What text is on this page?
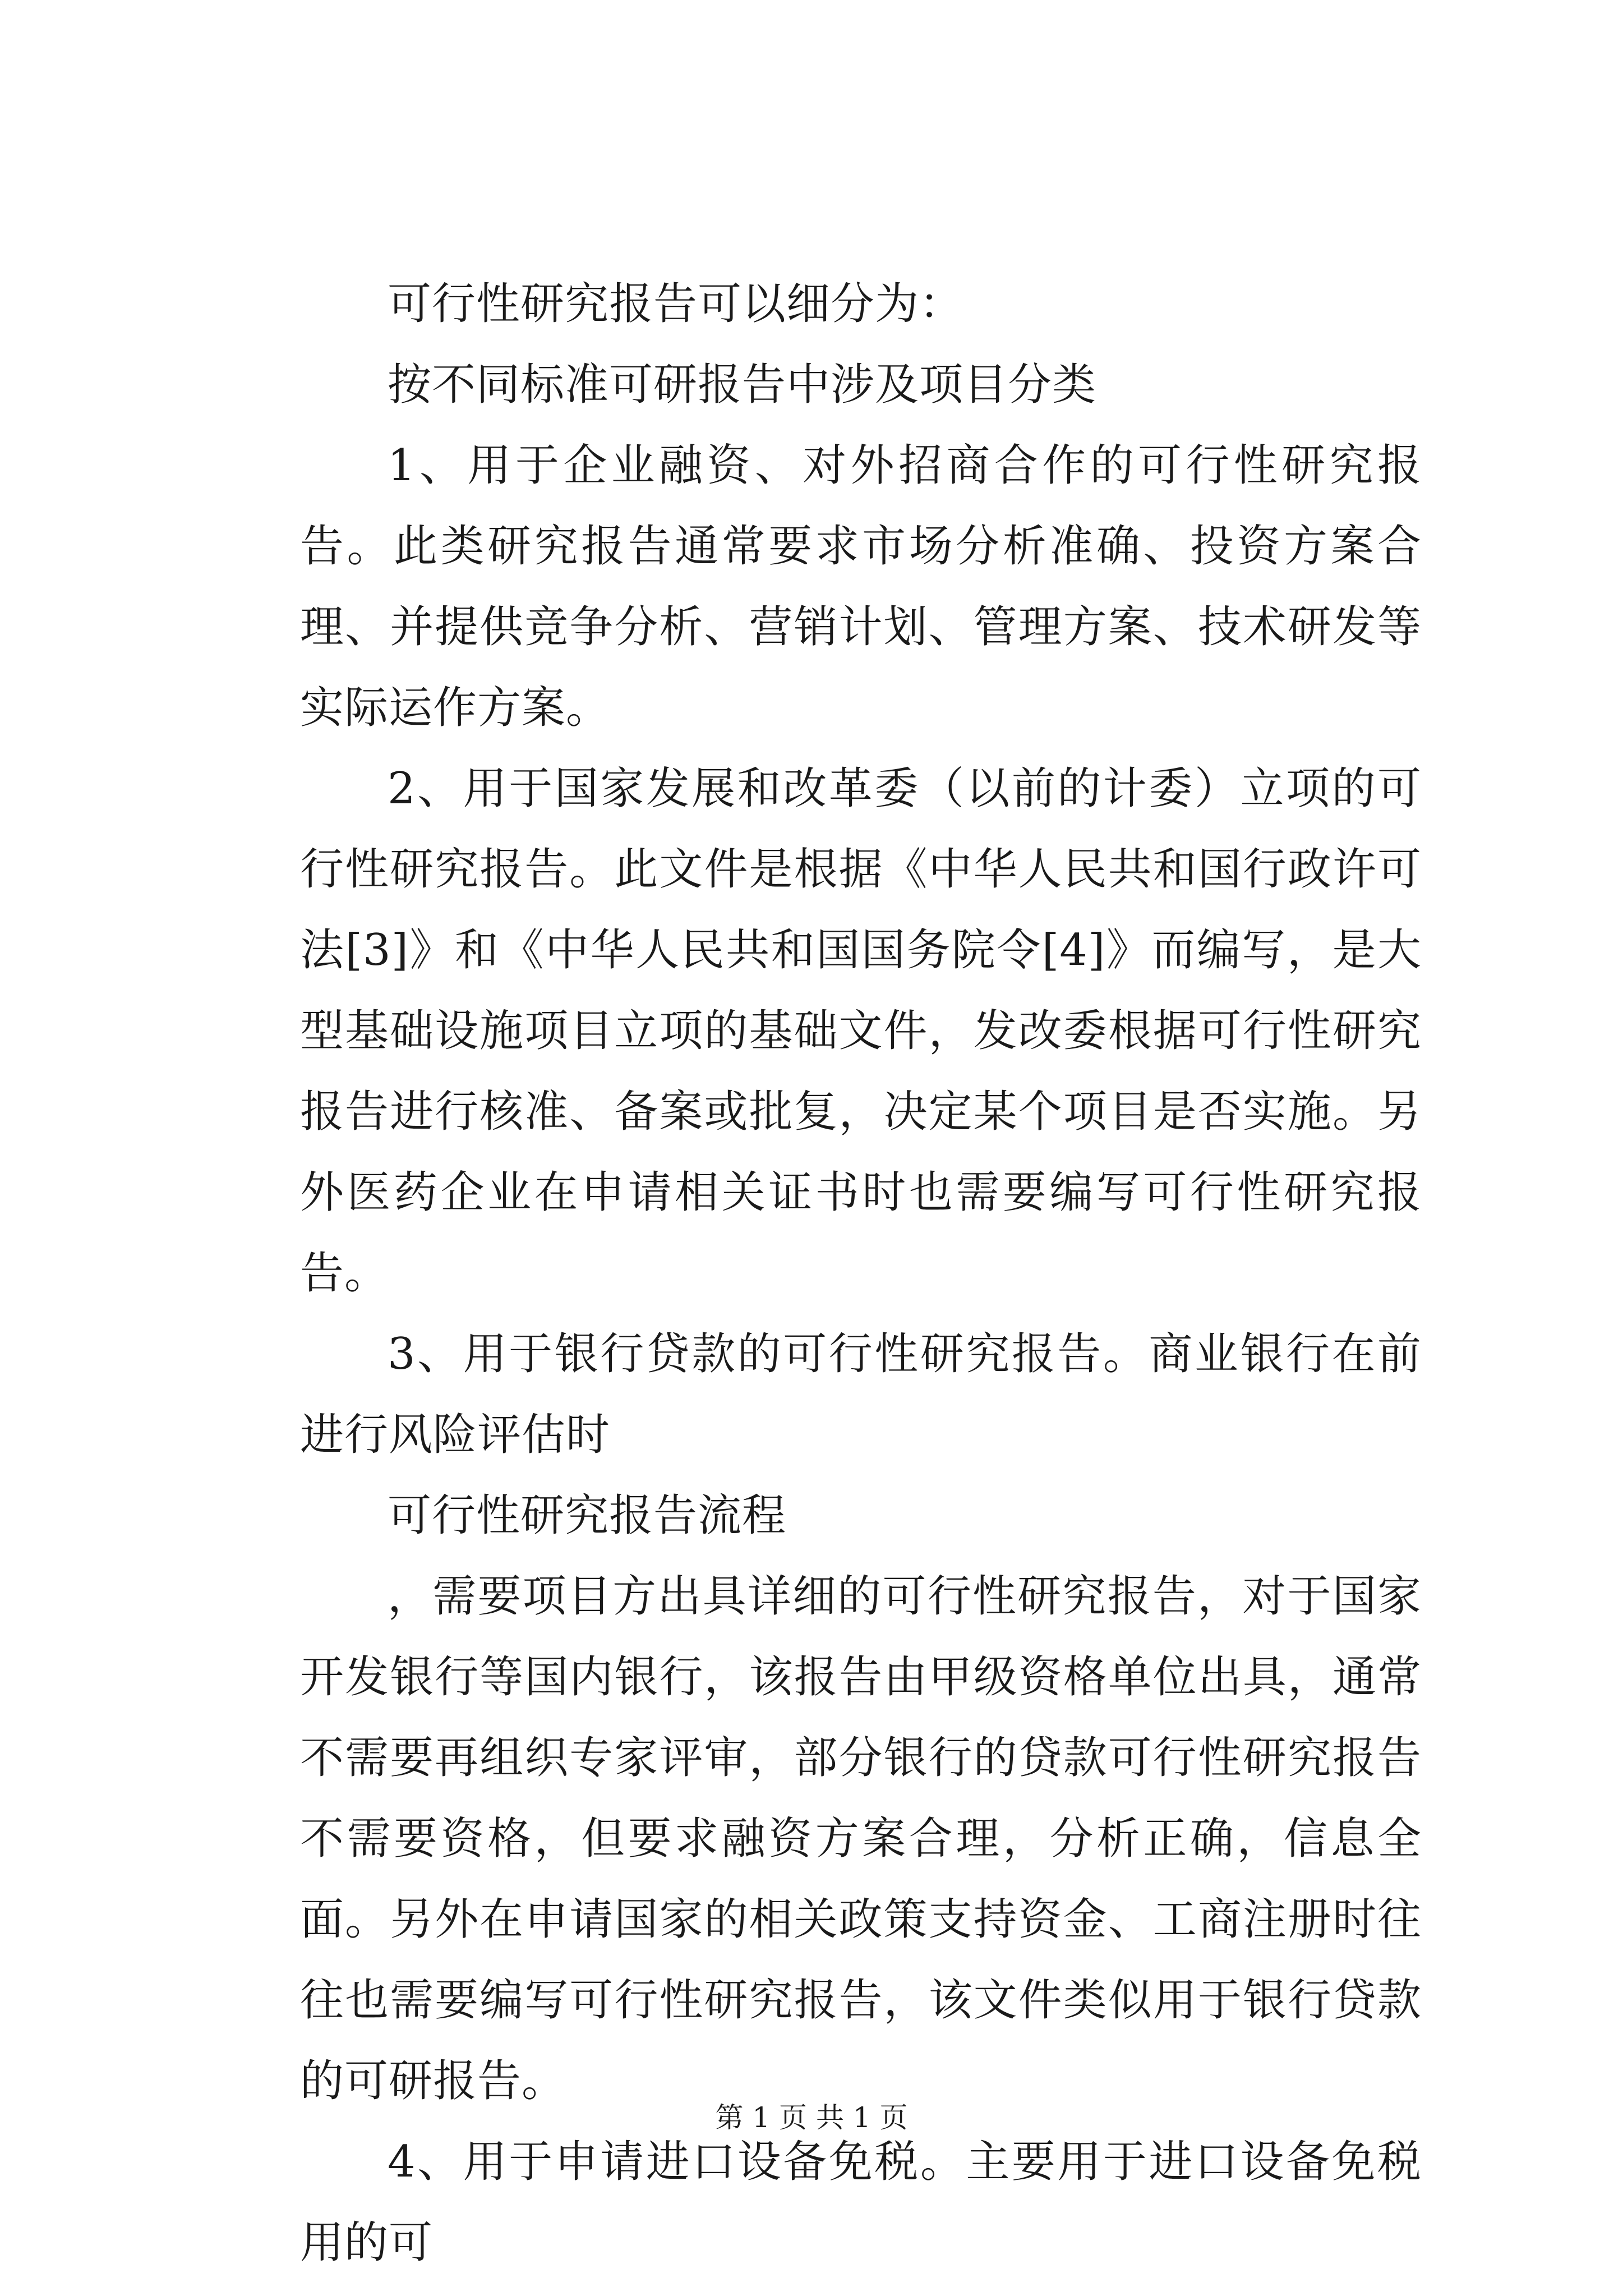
可行性研究报告可以细分为：

按不同标准可研报告中涉及项目分类

1、用于企业融资、对外招商合作的可行性研究报告。此类研究报告通常要求市场分析准确、投资方案合理、并提供竞争分析、营销计划、管理方案、技术研发等实际运作方案。

2、用于国家发展和改革委（以前的计委）立项的可行性研究报告。此文件是根据《中华人民共和国行政许可法[3]》和《中华人民共和国国务院令[4]》而编写，是大型基础设施项目立项的基础文件，发改委根据可行性研究报告进行核准、备案或批复，决定某个项目是否实施。另外医药企业在申请相关证书时也需要编写可行性研究报告。

3、用于银行贷款的可行性研究报告。商业银行在前进行风险评估时

可行性研究报告流程

，需要项目方出具详细的可行性研究报告，对于国家开发银行等国内银行，该报告由甲级资格单位出具，通常不需要再组织专家评审，部分银行的贷款可行性研究报告不需要资格，但要求融资方案合理，分析正确，信息全面。另外在申请国家的相关政策支持资金、工商注册时往往也需要编写可行性研究报告，该文件类似用于银行贷款的可研报告。

4、用于申请进口设备免税。主要用于进口设备免税用的可

第 1 页 共 1 页
